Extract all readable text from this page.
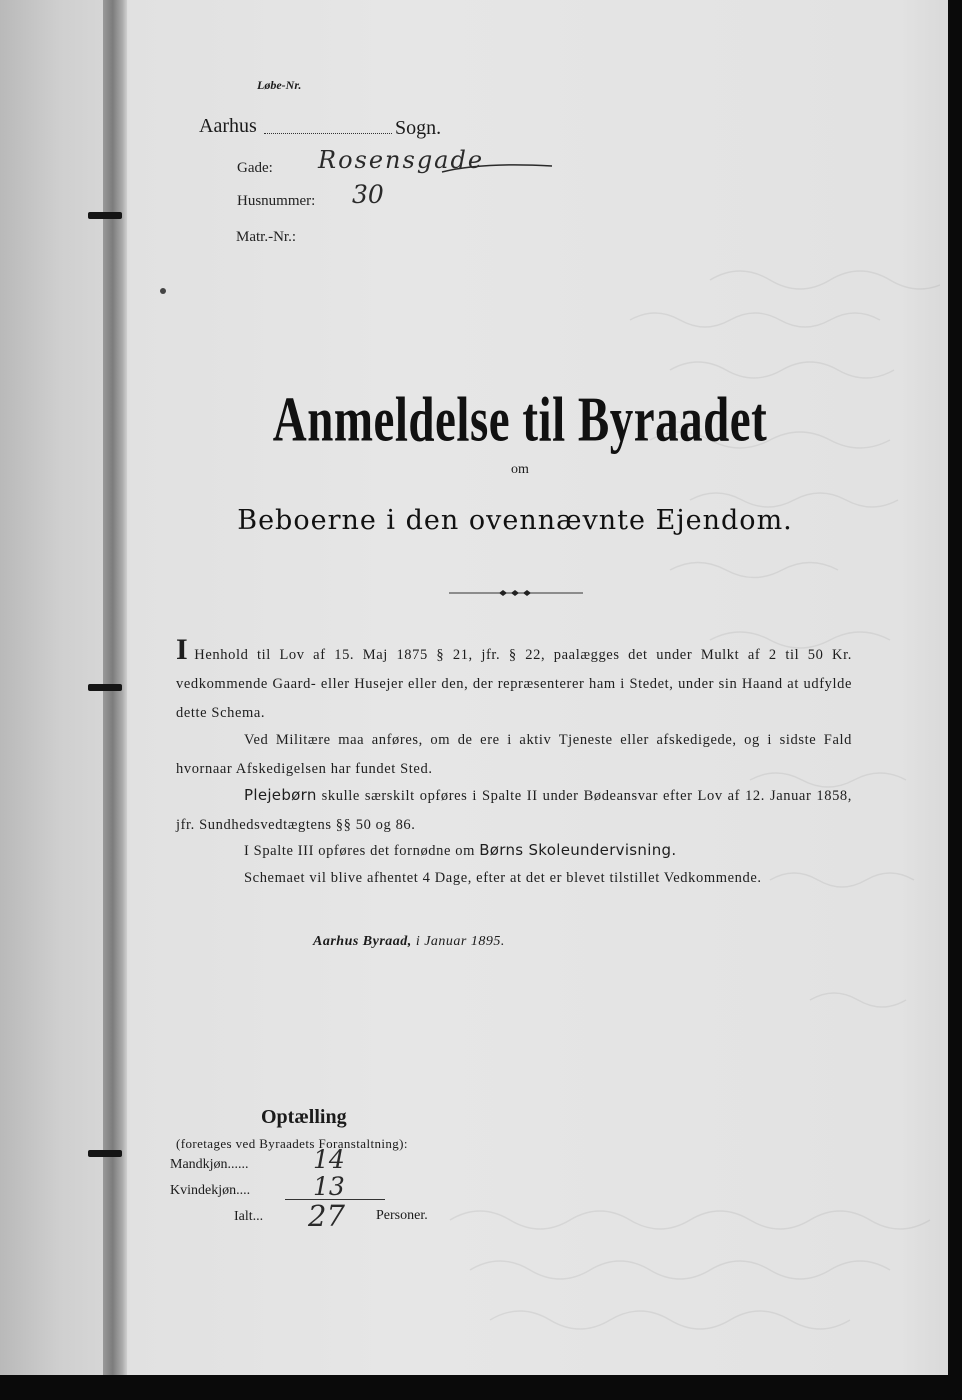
Løbe-Nr.
Aarhus	Sogn.
Gade: Rosensgade
Husnummer: 30
Matr.-Nr.:
Anmeldelse til Byraadet
om
Beboerne i den ovennævnte Ejendom.
I Henhold til Lov af 15. Maj 1875 § 21, jfr. § 22, paalægges det under Mulkt af 2 til 50 Kr. vedkommende Gaard- eller Husejer eller den, der repræsenterer ham i Stedet, under sin Haand at udfylde dette Schema.
Ved Militære maa anføres, om de ere i aktiv Tjeneste eller afskedigede, og i sidste Fald hvornaar Afskedigelsen har fundet Sted.
Plejebørn skulle særskilt opføres i Spalte II under Bødeansvar efter Lov af 12. Januar 1858, jfr. Sundhedsvedtægtens §§ 50 og 86.
I Spalte III opføres det fornødne om Børns Skoleundervisning.
Schemaet vil blive afhentet 4 Dage, efter at det er blevet tilstillet Vedkommende.
Aarhus Byraad, i Januar 1895.
Optælling
(foretages ved Byraadets Foranstaltning):
Mandkjøn......	14
Kvindekjøn....	13
Ialt... 27 Personer.
